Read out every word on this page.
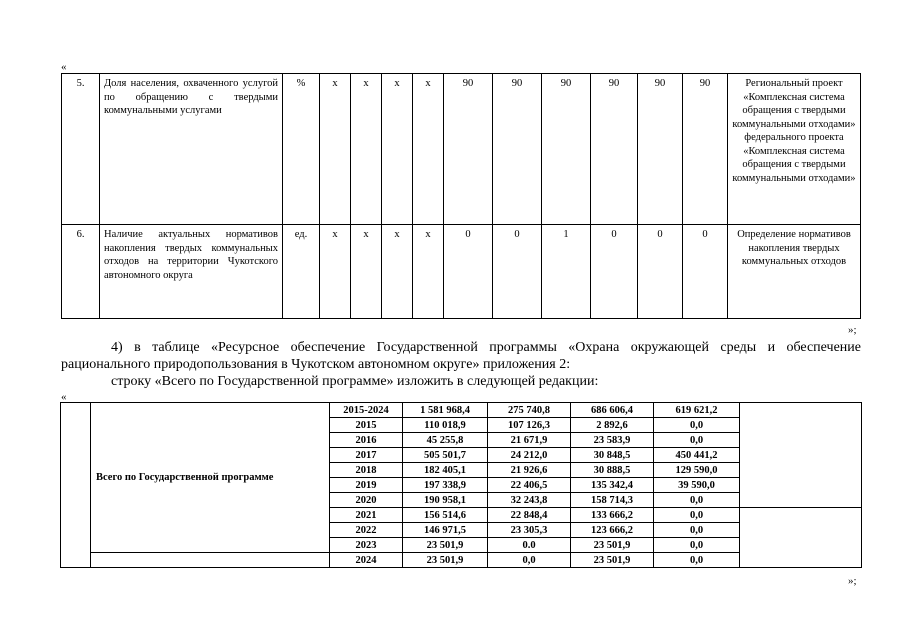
«
5.	Доля населения, охваченного услугой по обращению с твердыми коммунальными услугами	%	х	х	х	х	90	90	90	90	90	90	Региональный проект «Комплексная система обращения с твердыми коммунальными отходами» федерального проекта «Комплексная система обращения с твердыми коммунальными отходами»
6.	Наличие актуальных нормативов накопления твердых коммунальных отходов на территории Чукотского автономного округа	ед.	х	х	х	х	0	0	1	0	0	0	Определение нормативов накопления твердых коммунальных отходов
»;
4) в таблице «Ресурсное обеспечение Государственной программы «Охрана окружающей среды и обеспечение рационального природопользования в Чукотском автономном округе» приложения 2:
строку «Всего по Государственной программе» изложить в следующей редакции:
«
	Всего по Государственной программе	2015-2024	1 581 968,4	275 740,8	686 606,4	619 621,2	
		2015	110 018,9	107 126,3	2 892,6	0,0	
		2016	45 255,8	21 671,9	23 583,9	0,0	
		2017	505 501,7	24 212,0	30 848,5	450 441,2	
		2018	182 405,1	21 926,6	30 888,5	129 590,0	
		2019	197 338,9	22 406,5	135 342,4	39 590,0	
		2020	190 958,1	32 243,8	158 714,3	0,0	
		2021	156 514,6	22 848,4	133 666,2	0,0	
		2022	146 971,5	23 305,3	123 666,2	0,0	
		2023	23 501,9	0.0	23 501,9	0,0	
		2024	23 501,9	0,0	23 501,9	0,0	
»;
